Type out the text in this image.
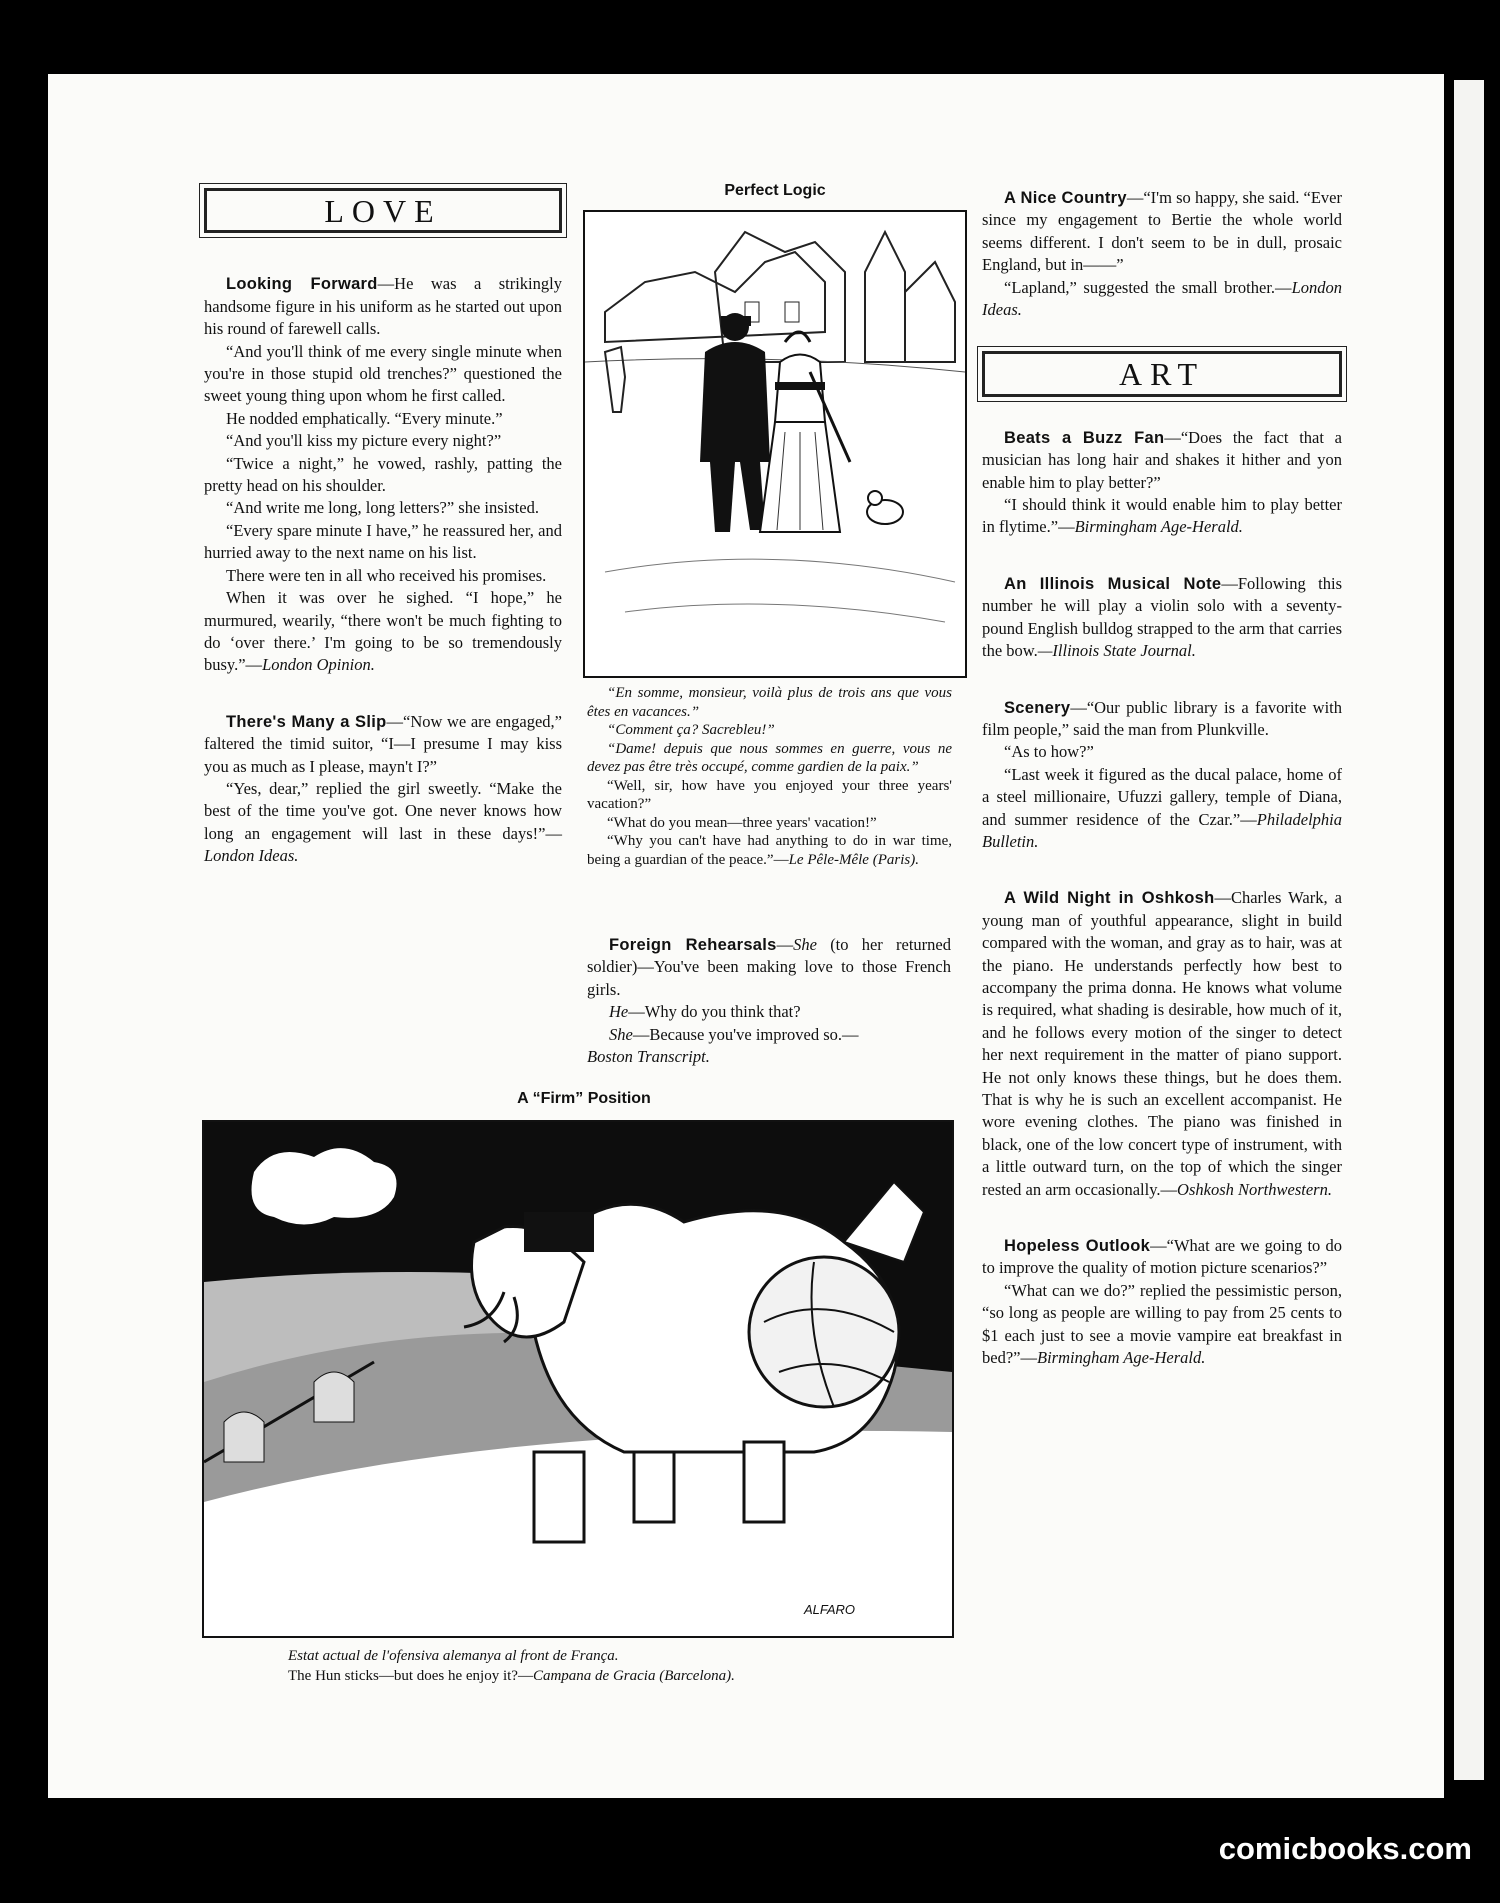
LOVE

Looking Forward—He was a strikingly handsome figure in his uniform as he started out upon his round of farewell calls.

“And you'll think of me every single minute when you're in those stupid old trenches?” questioned the sweet young thing upon whom he first called.

He nodded emphatically. “Every minute.”

“And you'll kiss my picture every night?”

“Twice a night,” he vowed, rashly, patting the pretty head on his shoulder.

“And write me long, long letters?” she insisted.

“Every spare minute I have,” he reassured her, and hurried away to the next name on his list.

There were ten in all who received his promises.

When it was over he sighed. “I hope,” he murmured, wearily, “there won't be much fighting to do ‘over there.’ I'm going to be so tremendously busy.”—London Opinion.

There's Many a Slip—“Now we are engaged,” faltered the timid suitor, “I—I presume I may kiss you as much as I please, mayn't I?”

“Yes, dear,” replied the girl sweetly. “Make the best of the time you've got. One never knows how long an engagement will last in these days!”—London Ideas.

Perfect Logic

“En somme, monsieur, voilà plus de trois ans que vous êtes en vacances.”

“Comment ça? Sacrebleu!”

“Dame! depuis que nous sommes en guerre, vous ne devez pas être très occupé, comme gardien de la paix.”

“Well, sir, how have you enjoyed your three years' vacation?”

“What do you mean—three years' vacation!”

“Why you can't have had anything to do in war time, being a guardian of the peace.”—Le Pêle-Mêle (Paris).

Foreign Rehearsals—She (to her returned soldier)—You've been making love to those French girls.

He—Why do you think that?

She—Because you've improved so.—
Boston Transcript.

A “Firm” Position
ALFARO
Estat actual de l'ofensiva alemanya al front de França.
The Hun sticks—but does he enjoy it?—Campana de Gracia (Barcelona).

A Nice Country—“I'm so happy, she said. “Ever since my engagement to Bertie the whole world seems different. I don't seem to be in dull, prosaic England, but in——”

“Lapland,” suggested the small brother.—London Ideas.

ART

Beats a Buzz Fan—“Does the fact that a musician has long hair and shakes it hither and yon enable him to play better?”

“I should think it would enable him to play better in flytime.”—Birmingham Age-Herald.

An Illinois Musical Note—Following this number he will play a violin solo with a seventy-pound English bulldog strapped to the arm that carries the bow.—Illinois State Journal.

Scenery—“Our public library is a favorite with film people,” said the man from Plunkville.

“As to how?”

“Last week it figured as the ducal palace, home of a steel millionaire, Ufuzzi gallery, temple of Diana, and summer residence of the Czar.”—Philadelphia Bulletin.

A Wild Night in Oshkosh—Charles Wark, a young man of youthful appearance, slight in build compared with the woman, and gray as to hair, was at the piano. He understands perfectly how best to accompany the prima donna. He knows what volume is required, what shading is desirable, how much of it, and he follows every motion of the singer to detect her next requirement in the matter of piano support. He not only knows these things, but he does them. That is why he is such an excellent accompanist. He wore evening clothes. The piano was finished in black, one of the low concert type of instrument, with a little outward turn, on the top of which the singer rested an arm occasionally.—Oshkosh Northwestern.

Hopeless Outlook—“What are we going to do to improve the quality of motion picture scenarios?”

“What can we do?” replied the pessimistic person, “so long as people are willing to pay from 25 cents to $1 each just to see a movie vampire eat breakfast in bed?”—Birmingham Age-Herald.

comicbooks.com
